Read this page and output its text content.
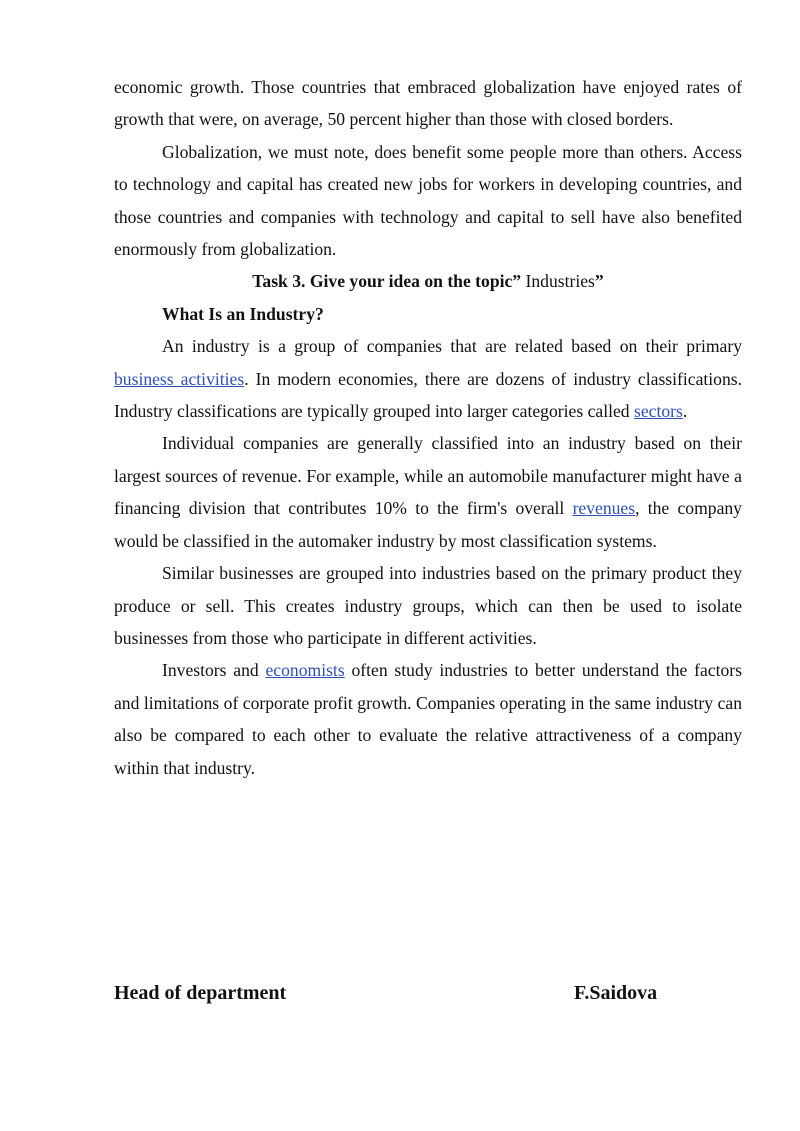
economic growth. Those countries that embraced globalization have enjoyed rates of growth that were, on average, 50 percent higher than those with closed borders.

Globalization, we must note, does benefit some people more than others. Access to technology and capital has created new jobs for workers in developing countries, and those countries and companies with technology and capital to sell have also benefited enormously from globalization.

Task 3. Give your idea on the topic” Industries”

What Is an Industry?

An industry is a group of companies that are related based on their primary business activities. In modern economies, there are dozens of industry classifications. Industry classifications are typically grouped into larger categories called sectors.

Individual companies are generally classified into an industry based on their largest sources of revenue. For example, while an automobile manufacturer might have a financing division that contributes 10% to the firm's overall revenues, the company would be classified in the automaker industry by most classification systems.

Similar businesses are grouped into industries based on the primary product they produce or sell. This creates industry groups, which can then be used to isolate businesses from those who participate in different activities.

Investors and economists often study industries to better understand the factors and limitations of corporate profit growth. Companies operating in the same industry can also be compared to each other to evaluate the relative attractiveness of a company within that industry.

Head of department	F.Saidova
